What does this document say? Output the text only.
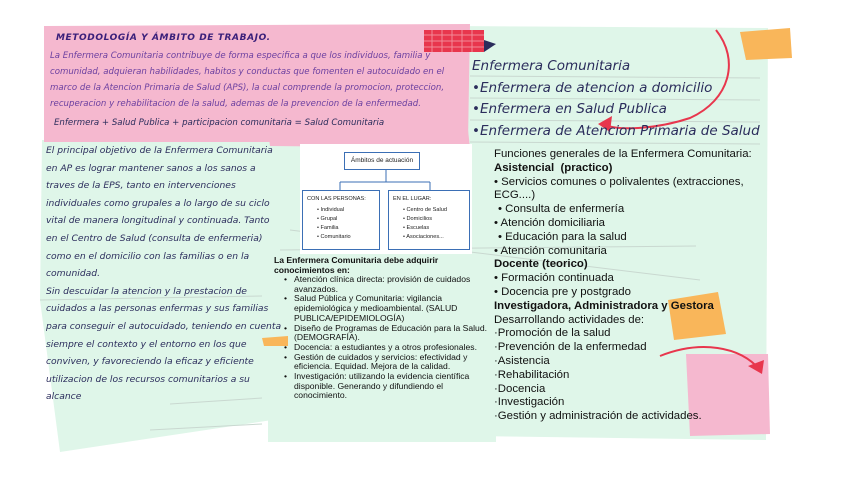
METODOLOGÍA Y ÁMBITO DE TRABAJO.
La Enfermera Comunitaria contribuye de forma especifica a que los individuos, familia y
comunidad, adquieran habilidades, habitos y conductas que fomenten el autocuidado en el
marco de la Atencion Primaria de Salud (APS), la cual comprende la promocion, proteccion,
recuperacion y rehabilitacion de la salud, ademas de la prevencion de la enfermedad.
Enfermera + Salud Publica + participacion comunitaria = Salud Comunitaria
Enfermera Comunitaria
•Enfermera de atencion a domicilio
•Enfermera en Salud Publica
•Enfermera de Atencion Primaria de Salud
El principal objetivo de la Enfermera Comunitaria
en AP es lograr mantener sanos a los sanos a
traves de la EPS, tanto en intervenciones
individuales como grupales a lo largo de su ciclo
vital de manera longitudinal y continuada. Tanto
en el Centro de Salud (consulta de enfermeria)
como en el domicilio con las familias o en la
comunidad.
Sin descuidar la atencion y la prestacion de
cuidados a las personas enfermas y sus familias
para conseguir el autocuidado, teniendo en cuenta
siempre el contexto y el entorno en los que
conviven, y favoreciendo la eficaz y eficiente
utilizacion de los recursos comunitarios a su
alcance
Ámbitos de actuación
CON LAS PERSONAS:
• Individual
• Grupal
• Familia
• Comunitario
EN EL LUGAR:
• Centro de Salud
• Domicilios
• Escuelas
• Asociaciones...
La Enfermera Comunitaria debe adquirir conocimientos en:
• Atención clínica directa: provisión de cuidados avanzados.
• Salud Pública y Comunitaria: vigilancia epidemiológica y medioambiental. (SALUD PUBLICA/EPIDEMIOLOGÍA)
• Diseño de Programas de Educación para la Salud. (DEMOGRAFÍA).
• Docencia: a estudiantes y a otros profesionales.
• Gestión de cuidados y servicios: efectividad y eficiencia. Equidad. Mejora de la calidad.
• Investigación: utilizando la evidencia científica disponible. Generando y difundiendo el conocimiento.
Funciones generales de la Enfermera Comunitaria:
Asistencial (practico)
• Servicios comunes o polivalentes (extracciones,
ECG....)
• Consulta de enfermería
• Atención domiciliaria
• Educación para la salud
• Atención comunitaria
Docente (teorico)
• Formación continuada
• Docencia pre y postgrado
Investigadora, Administradora y Gestora
Desarrollando actividades de:
·Promoción de la salud
·Prevención de la enfermedad
·Asistencia
·Rehabilitación
·Docencia
·Investigación
·Gestión y administración de actividades.
